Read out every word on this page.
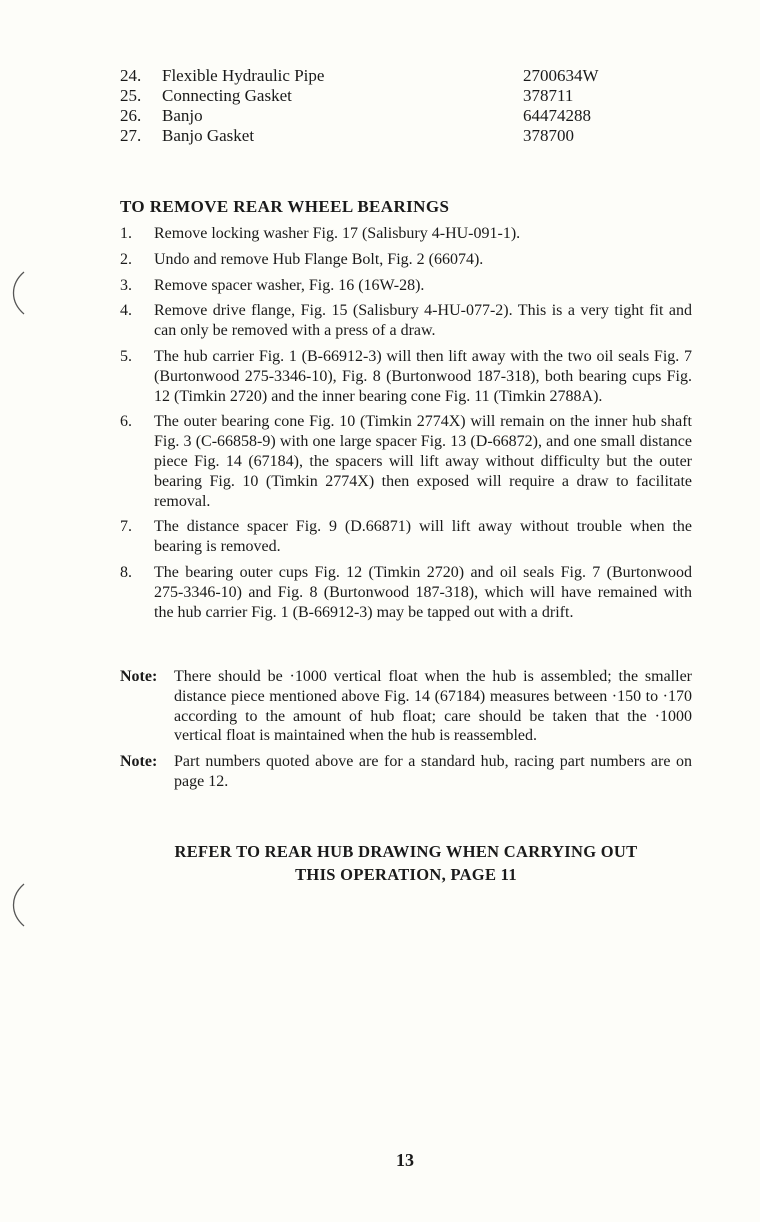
24.	Flexible Hydraulic Pipe	2700634W
25.	Connecting Gasket	378711
26.	Banjo	64474288
27.	Banjo Gasket	378700
TO REMOVE REAR WHEEL BEARINGS
1.	Remove locking washer Fig. 17 (Salisbury 4-HU-091-1).
2.	Undo and remove Hub Flange Bolt, Fig. 2 (66074).
3.	Remove spacer washer, Fig. 16 (16W-28).
4.	Remove drive flange, Fig. 15 (Salisbury 4-HU-077-2). This is a very tight fit and can only be removed with a press of a draw.
5.	The hub carrier Fig. 1 (B-66912-3) will then lift away with the two oil seals Fig. 7 (Burtonwood 275-3346-10), Fig. 8 (Burtonwood 187-318), both bearing cups Fig. 12 (Timkin 2720) and the inner bearing cone Fig. 11 (Timkin 2788A).
6.	The outer bearing cone Fig. 10 (Timkin 2774X) will remain on the inner hub shaft Fig. 3 (C-66858-9) with one large spacer Fig. 13 (D-66872), and one small distance piece Fig. 14 (67184), the spacers will lift away without difficulty but the outer bearing Fig. 10 (Timkin 2774X) then exposed will require a draw to facilitate removal.
7.	The distance spacer Fig. 9 (D.66871) will lift away without trouble when the bearing is removed.
8.	The bearing outer cups Fig. 12 (Timkin 2720) and oil seals Fig. 7 (Burtonwood 275-3346-10) and Fig. 8 (Burtonwood 187-318), which will have remained with the hub carrier Fig. 1 (B-66912-3) may be tapped out with a drift.
Note:	There should be ·1000 vertical float when the hub is assembled; the smaller distance piece mentioned above Fig. 14 (67184) measures between ·150 to ·170 according to the amount of hub float; care should be taken that the ·1000 vertical float is maintained when the hub is reassembled.
Note:	Part numbers quoted above are for a standard hub, racing part numbers are on page 12.
REFER TO REAR HUB DRAWING WHEN CARRYING OUT
THIS OPERATION, PAGE 11
13
